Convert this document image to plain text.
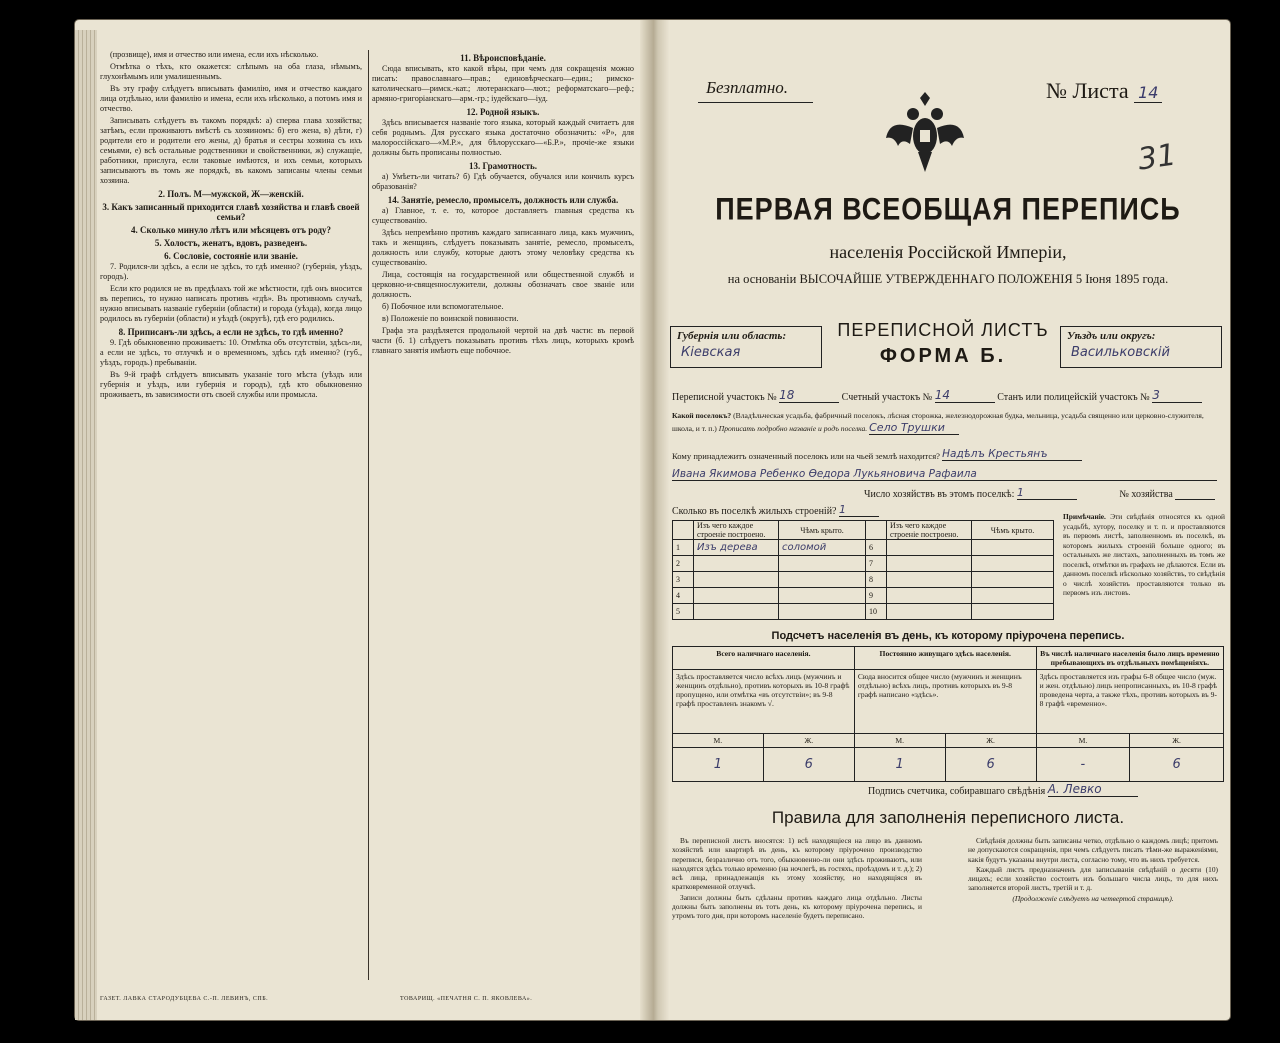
(прозвище), имя и отчество или имена, если ихъ нѣсколько.

Отмѣтка о тѣхъ, кто окажется: слѣпымъ на оба глаза, нѣмымъ, глухонѣмымъ или умалишеннымъ.

Въ эту графу слѣдуетъ вписывать фамилію, имя и отчество каждаго лица отдѣльно, или фамилію и имена, если ихъ нѣсколько, а потомъ имя и отчество.

Записывать слѣдуетъ въ такомъ порядкѣ: а) сперва главa хозяйства; затѣмъ, если проживаютъ вмѣстѣ съ хозяиномъ: б) его жена, в) дѣти, г) родители его и родители его жены, д) братья и сестры хозяина съ ихъ семьями, е) всѣ остальные родственники и свойственники, ж) служащіе, работники, прислуга, если таковые имѣются, и ихъ семьи, которыхъ записываютъ въ томъ же порядкѣ, въ какомъ записаны члены семьи хозяина.

2. Полъ. М—мужской, Ж—женскій.
3. Какъ записанный приходится главѣ хозяйства и главѣ своей семьи?
4. Сколько минуло лѣтъ или мѣсяцевъ отъ роду?
5. Холостъ, женатъ, вдовъ, разведенъ.
6. Сословіе, состояніе или званіе.

7. Родился-ли здѣсь, а если не здѣсь, то гдѣ именно? (губернія, уѣздъ, городъ).

Если кто родился не въ предѣлахъ той же мѣстности, гдѣ онъ вносится въ перепись, то нужно написать противъ «гдѣ». Въ противномъ случаѣ, нужно вписывать названіе губерніи (области) и города (уѣзда), когда лицо родилось въ губерніи (области) и уѣздѣ (округѣ), гдѣ его родились.

8. Приписанъ-ли здѣсь, а если не здѣсь, то гдѣ именно?

9. Гдѣ обыкновенно проживаетъ: 10. Отмѣтка объ отсутствіи, здѣсь-ли, а если не здѣсь, то отлучкѣ и о временномъ, здѣсь гдѣ именно? (губ., уѣздъ, городъ.) пребываніи.

Въ 9-й графѣ слѣдуетъ вписывать указаніе того мѣста (уѣздъ или губернія и уѣздъ, или губернія и городъ), гдѣ кто обыкновенно проживаетъ, въ зависимости отъ своей службы или промысла.

11. Вѣроисповѣданіе.

Сюда вписывать, кто какой вѣры, при чемъ для сокращенія можно писать: православнаго—прав.; единовѣрческаго—един.; римско-католическаго—римск.-кат.; лютеранскаго—лют.; реформатскаго—реф.; армяно-григоріанскаго—арм.-гр.; іудейскаго—іуд.

12. Родной языкъ.

Здѣсь вписывается названіе того языка, который каждый считаетъ для себя роднымъ. Для русскаго языка достаточно обозначить: «Р», для малороссійскаго—«М.Р.», для бѣлорусскаго—«Б.Р.», прочіе-же языки должны быть прописаны полностью.

13. Грамотность.

а) Умѣетъ-ли читать? б) Гдѣ обучается, обучался или кончилъ курсъ образованія?

14. Занятіе, ремесло, промыселъ, должность или служба.

а) Главное, т. е. то, которое доставляетъ главныя средства къ существованію.

Здѣсь непремѣнно противъ каждаго записаннаго лица, какъ мужчинъ, такъ и женщинъ, слѣдуетъ показывать занятіе, ремесло, промыселъ, должность или службу, которые даютъ этому человѣку средства къ существованію.

Лица, состоящія на государственной или общественной службѣ и церковно-и-священнослужители, должны обозначать свое званіе или должность.

б) Побочное или вспомогательное.

в) Положеніе по воинской повинности.

Графа эта раздѣляется продольной чертой на двѣ части: въ первой части (б. 1) слѣдуетъ показывать противъ тѣхъ лицъ, которыхъ кромѣ главнаго занятія имѣютъ еще побочное.

ГАЗЕТ. ЛАВКА СТАРОДУБЦЕВА С.-П. ЛЕВИНЪ, СПБ.	ТОВАРИЩ. «ПЕЧАТНЯ С. П. ЯКОВЛЕВА».
Безплатно.	№ Листа 14
31
ПЕРВАЯ ВСЕОБЩАЯ ПЕРЕПИСЬ
населенія Россійской Имперіи,
на основаніи ВЫСОЧАЙШЕ УТВЕРЖДЕННАГО ПОЛОЖЕНІЯ 5 Іюня 1895 года.
Губернія или область:
Кіевская
ПЕРЕПИСНОЙ ЛИСТЪ
ФОРМА Б.
Уѣздъ или округъ:
Васильковскій
Переписной участокъ № 18	Счетный участокъ № 14	Станъ или полицейскій участокъ № 3
Какой поселокъ? (Владѣльческая усадьба, фабричный поселокъ, лѣсная сторожка, железнодорожная будка, мельница, усадьба священно или церковно-служителя, школа, и т. п.) Прописать подробно названіе и родъ поселка. Село Трушки
Кому принадлежитъ означенный поселокъ или на чьей землѣ находится? Надѣлъ Крестьянъ
Ивана Якимова Ребенко Ѳедора Лукьяновича Рафаила
Число хозяйствъ въ этомъ поселкѣ: 1	№ хозяйства
Сколько въ поселкѣ жилыхъ строеній? 1
	Изъ чего каждое строеніе построено.	Чѣмъ крыто.		Изъ чего каждое строеніе построено.	Чѣмъ крыто.
1	Изъ дерева	соломой	6		
2			7		
3			8		
4			9		
5			10		
Примѣчаніе. Эти свѣдѣнія относятся къ одной усадьбѣ, хутору, поселку и т. п. и проставляются въ первомъ листѣ, заполненномъ въ поселкѣ, въ которомъ жилыхъ строеній больше одного; въ остальныхъ же листахъ, заполненныхъ въ томъ же поселкѣ, отмѣтки въ графахъ не дѣлаются. Если въ данномъ поселкѣ нѣсколько хозяйствъ, то свѣдѣнія о числѣ хозяйствъ проставляются только въ первомъ изъ листовъ.
Подсчетъ населенія въ день, къ которому пріурочена перепись.
Всего наличнаго населенія.		Постоянно живущаго здѣсь населенія.		Въ числѣ наличнаго населенія было лицъ временно пребывающихъ въ отдѣльныхъ помѣщеніяхъ.	
Здѣсь проставляется число всѣхъ лицъ (мужчинъ и женщинъ отдѣльно), противъ которыхъ въ 10-8 графѣ пропущено, или отмѣтка «въ отсутствіи»; въ 9-8 графѣ проставленъ знакомъ √.		Сюда вносится общее число (мужчинъ и женщинъ отдѣльно) всѣхъ лицъ, противъ которыхъ въ 9-8 графѣ написано «здѣсь».		Здѣсь проставляется изъ графы 6-8 общее число (муж. и жен. отдѣльно) лицъ непрописанныхъ, въ 10-8 графѣ проведена черта, а также тѣхъ, противъ которыхъ въ 9-8 графѣ «временно».	
М.	Ж.	М.	Ж.	М.	Ж.
1	6	1	6	-	6
Подпись счетчика, собиравшаго свѣдѣнія А. Левко
Правила для заполненія переписного листа.

Въ переписной листъ вносятся: 1) всѣ находящіеся на лицо въ данномъ хозяйствѣ или квартирѣ въ день, къ которому пріурочено производство переписи, безразлично отъ того, обыкновенно-ли они здѣсь проживаютъ, или находятся здѣсь только временно (на ночлегѣ, въ гостяхъ, проѣздомъ и т. д.); 2) всѣ лица, принадлежащія къ этому хозяйству, но находящіяся въ кратковременной отлучкѣ.

Записи должны быть сдѣланы противъ каждаго лица отдѣльно. Листы должны быть заполнены въ тотъ день, къ которому пріурочена перепись, и утромъ того дня, при которомъ населеніе будетъ переписано.

Свѣдѣнія должны быть записаны четко, отдѣльно о каждомъ лицѣ; притомъ не допускаются сокращенія, при чемъ слѣдуетъ писать тѣми-же выраженіями, какія будутъ указаны внутри листа, согласно тому, что въ нихъ требуется.

Каждый листъ предназначенъ для записыванія свѣдѣній о десяти (10) лицахъ; если хозяйство состоитъ изъ большаго числа лицъ, то для нихъ заполняется второй листъ, третій и т. д.

(Продолженіе слѣдуетъ на четвертой страницѣ).
